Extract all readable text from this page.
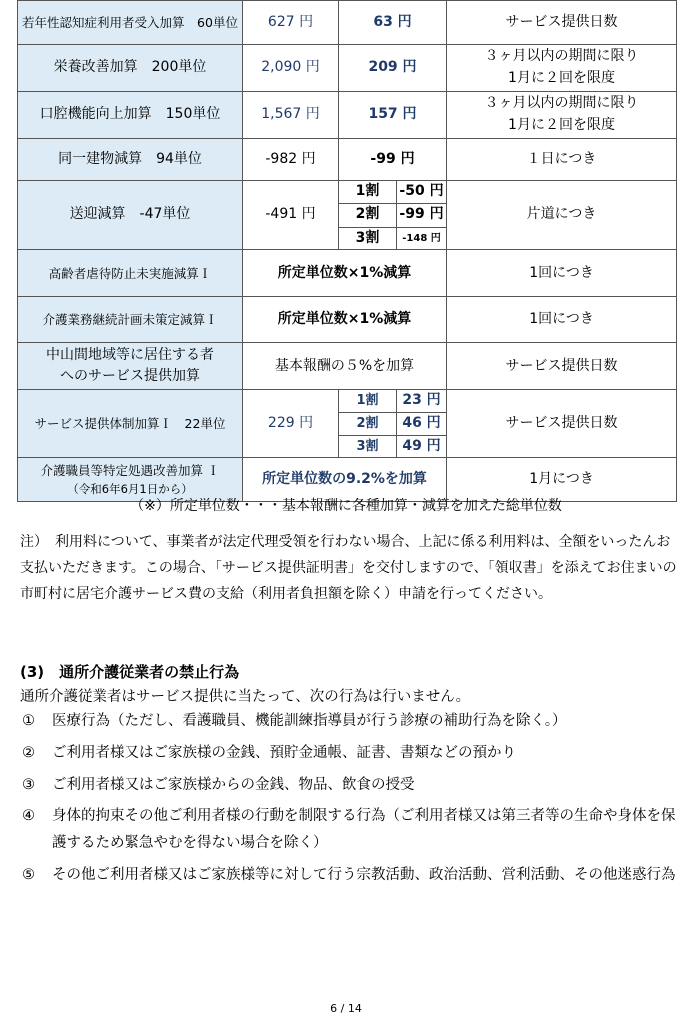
若年性認知症利用者受入加算　60単位	627 円	63 円		サービス提供日数
栄養改善加算　200単位	2,090 円	209 円		３ヶ月以内の期間に限り
1月に２回を限度
口腔機能向上加算　150単位	1,567 円	157 円		３ヶ月以内の期間に限り
1月に２回を限度
同一建物減算　94単位	-982 円	-99 円		１日につき
送迎減算　-47単位	-491 円	1割	-50 円	片道につき
		2割	-99 円	
		3割	-148 円	
高齢者虐待防止未実施減算Ｉ	所定単位数×1%減算			1回につき
介護業務継続計画未策定減算Ｉ	所定単位数×1%減算			1回につき
中山間地域等に居住する者
へのサービス提供加算	基本報酬の５%を加算			サービス提供日数
サービス提供体制加算Ｉ　22単位	229 円	1割	23 円	サービス提供日数
		2割	46 円	
		3割	49 円	

介護職員等特定処遇改善加算 Ｉ
（令和6年6月1日から）	所定単位数の9.2%を加算			1月につき
（※）所定単位数・・・基本報酬に各種加算・減算を加えた総単位数
注）　利用料について、事業者が法定代理受領を行わない場合、上記に係る利用料は、全額をいったんお支払いただきます。この場合、「サービス提供証明書」を交付しますので、「領収書」を添えてお住まいの市町村に居宅介護サービス費の支給（利用者負担額を除く）申請を行ってください。
(3)　通所介護従業者の禁止行為
通所介護従業者はサービス提供に当たって、次の行為は行いません。
① 医療行為（ただし、看護職員、機能訓練指導員が行う診療の補助行為を除く。）
② ご利用者様又はご家族様の金銭、預貯金通帳、証書、書類などの預かり
③ ご利用者様又はご家族様からの金銭、物品、飲食の授受
④ 身体的拘束その他ご利用者様の行動を制限する行為（ご利用者様又は第三者等の生命や身体を保護するため緊急やむを得ない場合を除く）
⑤ その他ご利用者様又はご家族様等に対して行う宗教活動、政治活動、営利活動、その他迷惑行為
6 / 14
